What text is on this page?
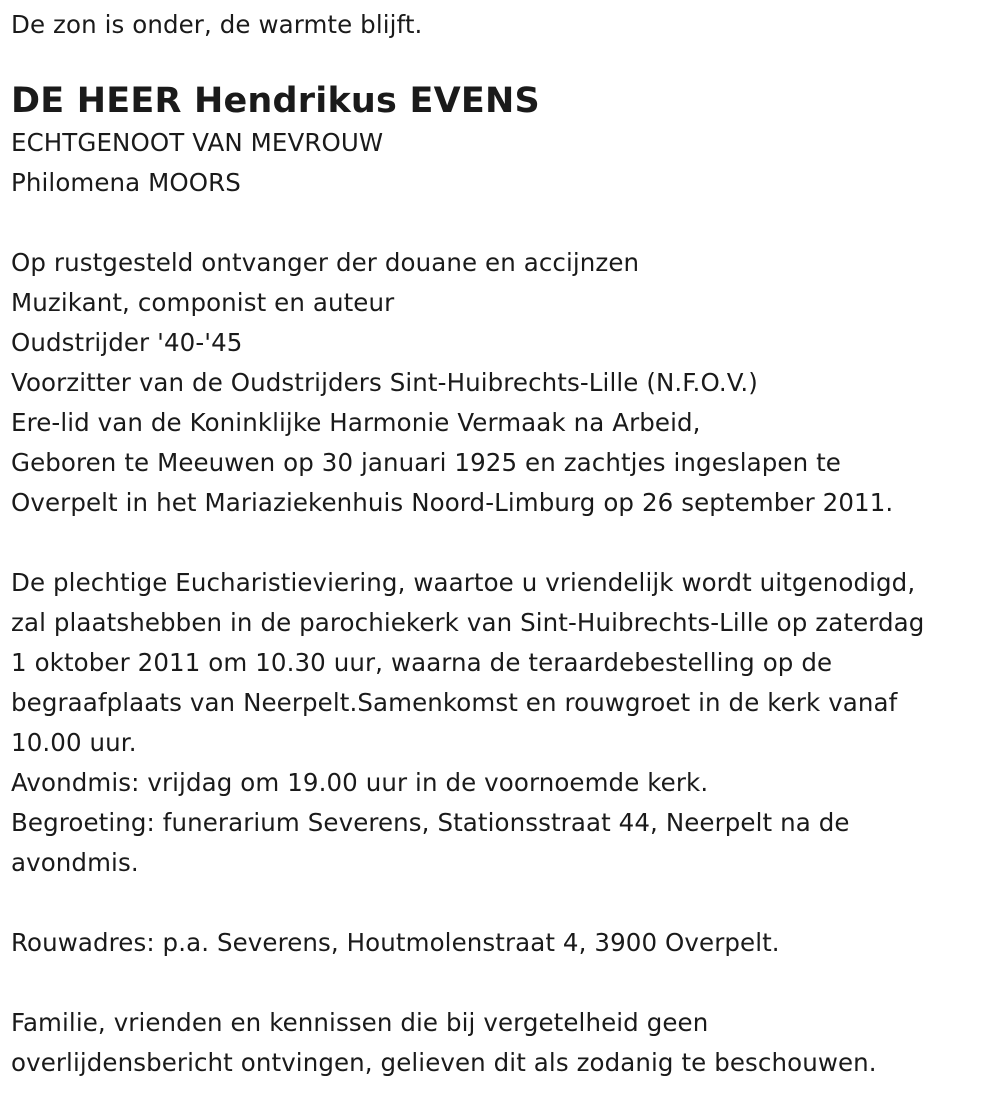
De zon is onder, de warmte blijft.
DE HEER Hendrikus EVENS
ECHTGENOOT VAN MEVROUW
Philomena MOORS
Op rustgesteld ontvanger der douane en accijnzen
Muzikant, componist en auteur
Oudstrijder '40-'45
Voorzitter van de Oudstrijders Sint-Huibrechts-Lille (N.F.O.V.)
Ere-lid van de Koninklijke Harmonie Vermaak na Arbeid,
Geboren te Meeuwen op 30 januari 1925 en zachtjes ingeslapen te
Overpelt in het Mariaziekenhuis Noord-Limburg op 26 september 2011.
De plechtige Eucharistieviering, waartoe u vriendelijk wordt uitgenodigd,
zal plaatshebben in de parochiekerk van Sint-Huibrechts-Lille op zaterdag
1 oktober 2011 om 10.30 uur, waarna de teraardebestelling op de
begraafplaats van Neerpelt.Samenkomst en rouwgroet in de kerk vanaf
10.00 uur.
Avondmis: vrijdag om 19.00 uur in de voornoemde kerk.
Begroeting: funerarium Severens, Stationsstraat 44, Neerpelt na de
avondmis.
Rouwadres: p.a. Severens, Houtmolenstraat 4, 3900 Overpelt.
Familie, vrienden en kennissen die bij vergetelheid geen
overlijdensbericht ontvingen, gelieven dit als zodanig te beschouwen.
